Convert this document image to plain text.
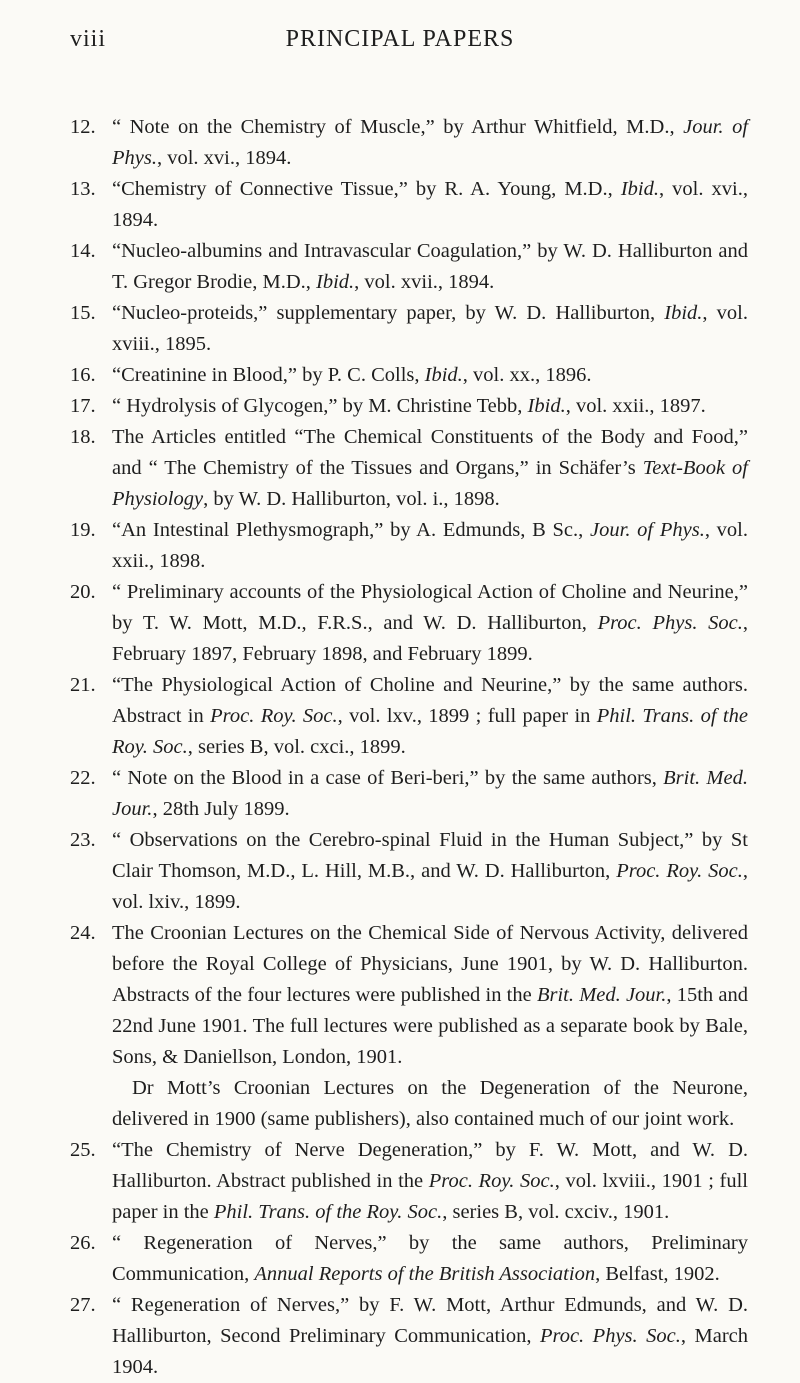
viii	PRINCIPAL PAPERS
12. “ Note on the Chemistry of Muscle,” by Arthur Whitfield, M.D., Jour. of Phys., vol. xvi., 1894.
13. “Chemistry of Connective Tissue,” by R. A. Young, M.D., Ibid., vol. xvi., 1894.
14. “Nucleo-albumins and Intravascular Coagulation,” by W. D. Halliburton and T. Gregor Brodie, M.D., Ibid., vol. xvii., 1894.
15. “Nucleo-proteids,” supplementary paper, by W. D. Halliburton, Ibid., vol. xviii., 1895.
16. “Creatinine in Blood,” by P. C. Colls, Ibid., vol. xx., 1896.
17. “ Hydrolysis of Glycogen,” by M. Christine Tebb, Ibid., vol. xxii., 1897.
18. The Articles entitled “The Chemical Constituents of the Body and Food,” and “ The Chemistry of the Tissues and Organs,” in Schäfer’s Text-Book of Physiology, by W. D. Halliburton, vol. i., 1898.
19. “An Intestinal Plethysmograph,” by A. Edmunds, B Sc., Jour. of Phys., vol. xxii., 1898.
20. “ Preliminary accounts of the Physiological Action of Choline and Neurine,” by T. W. Mott, M.D., F.R.S., and W. D. Halliburton, Proc. Phys. Soc., February 1897, February 1898, and February 1899.
21. “The Physiological Action of Choline and Neurine,” by the same authors. Abstract in Proc. Roy. Soc., vol. lxv., 1899 ; full paper in Phil. Trans. of the Roy. Soc., series B, vol. cxci., 1899.
22. “ Note on the Blood in a case of Beri-beri,” by the same authors, Brit. Med. Jour., 28th July 1899.
23. “ Observations on the Cerebro-spinal Fluid in the Human Subject,” by St Clair Thomson, M.D., L. Hill, M.B., and W. D. Halliburton, Proc. Roy. Soc., vol. lxiv., 1899.
24. The Croonian Lectures on the Chemical Side of Nervous Activity, delivered before the Royal College of Physicians, June 1901, by W. D. Halliburton. Abstracts of the four lectures were published in the Brit. Med. Jour., 15th and 22nd June 1901. The full lectures were published as a separate book by Bale, Sons, & Daniellson, London, 1901.
Dr Mott’s Croonian Lectures on the Degeneration of the Neurone, delivered in 1900 (same publishers), also contained much of our joint work.
25. “The Chemistry of Nerve Degeneration,” by F. W. Mott, and W. D. Halliburton. Abstract published in the Proc. Roy. Soc., vol. lxviii., 1901 ; full paper in the Phil. Trans. of the Roy. Soc., series B, vol. cxciv., 1901.
26. “ Regeneration of Nerves,” by the same authors, Preliminary Communication, Annual Reports of the British Association, Belfast, 1902.
27. “ Regeneration of Nerves,” by F. W. Mott, Arthur Edmunds, and W. D. Halliburton, Second Preliminary Communication, Proc. Phys. Soc., March 1904.
